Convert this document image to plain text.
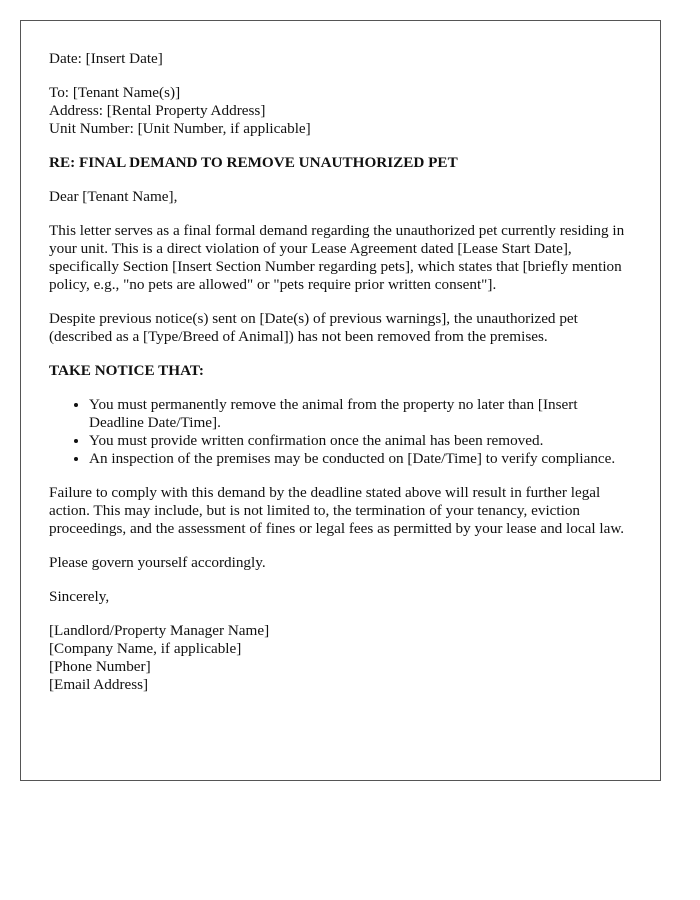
Date: [Insert Date]

To: [Tenant Name(s)]
Address: [Rental Property Address]
Unit Number: [Unit Number, if applicable]

RE: FINAL DEMAND TO REMOVE UNAUTHORIZED PET

Dear [Tenant Name],

This letter serves as a final formal demand regarding the unauthorized pet currently residing in your unit. This is a direct violation of your Lease Agreement dated [Lease Start Date], specifically Section [Insert Section Number regarding pets], which states that [briefly mention policy, e.g., "no pets are allowed" or "pets require prior written consent"].

Despite previous notice(s) sent on [Date(s) of previous warnings], the unauthorized pet (described as a [Type/Breed of Animal]) has not been removed from the premises.

TAKE NOTICE THAT:

• You must permanently remove the animal from the property no later than [Insert Deadline Date/Time].
• You must provide written confirmation once the animal has been removed.
• An inspection of the premises may be conducted on [Date/Time] to verify compliance.

Failure to comply with this demand by the deadline stated above will result in further legal action. This may include, but is not limited to, the termination of your tenancy, eviction proceedings, and the assessment of fines or legal fees as permitted by your lease and local law.

Please govern yourself accordingly.

Sincerely,

[Landlord/Property Manager Name]
[Company Name, if applicable]
[Phone Number]
[Email Address]
